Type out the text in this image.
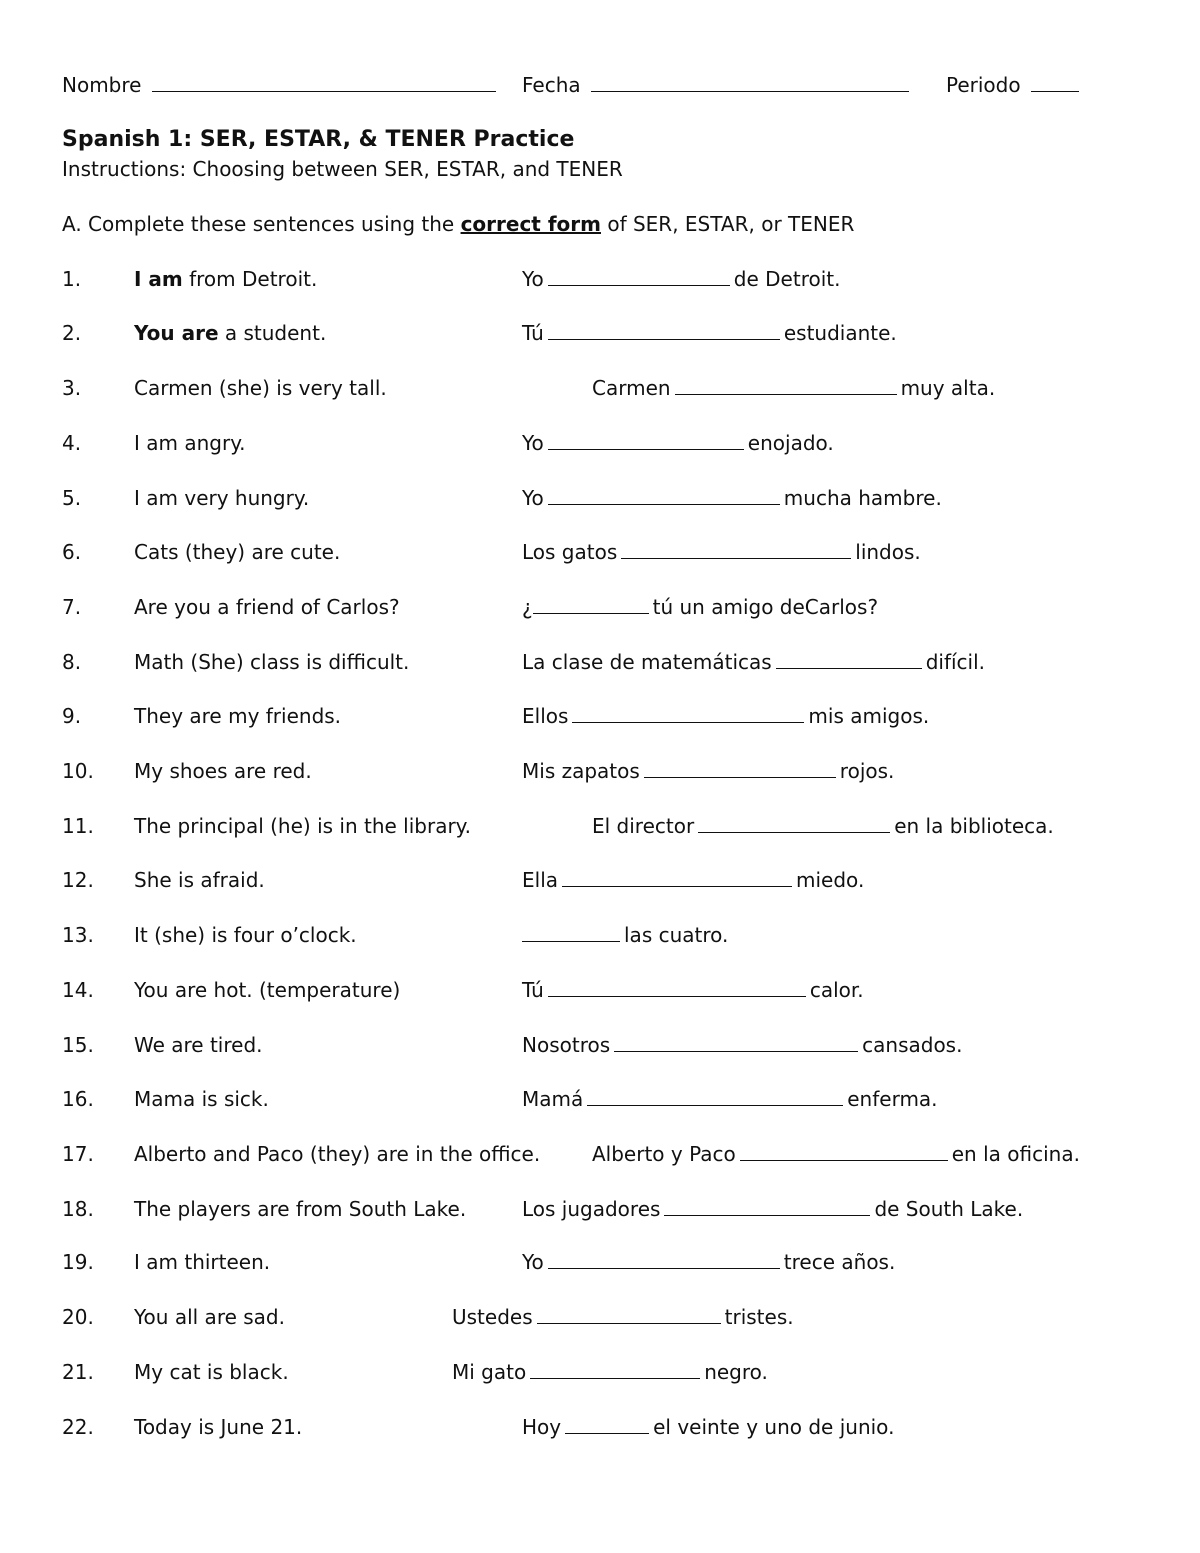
Nombre	Fecha	Periodo
Spanish 1: SER, ESTAR, & TENER Practice
Instructions: Choosing between SER, ESTAR, and TENER
A. Complete these sentences using the correct form of SER, ESTAR, or TENER
1.	I am from Detroit.	Yo	de Detroit.
2.	You are a student.	Tú	estudiante.
3.	Carmen (she) is very tall.	Carmen	muy alta.
4.	I am angry.	Yo	enojado.
5.	I am very hungry.	Yo	mucha hambre.
6.	Cats (they) are cute.	Los gatos	lindos.
7.	Are you a friend of Carlos?	¿	tú un amigo deCarlos?
8.	Math (She) class is difficult.	La clase de matemáticas	difícil.
9.	They are my friends.	Ellos	mis amigos.
10. My shoes are red.	Mis zapatos	rojos.
11. The principal (he) is in the library.	El director	en la biblioteca.
12. She is afraid.	Ella	miedo.
13. It (she) is four o’clock.	las cuatro.
14. You are hot. (temperature)	Tú	calor.
15. We are tired.	Nosotros	cansados.
16. Mama is sick.	Mamá	enferma.
17. Alberto and Paco (they) are in the office.	Alberto y Paco	en la oficina.
18. The players are from South Lake.	Los jugadores	de South Lake.
19. I am thirteen.	Yo	trece años.
20. You all are sad.	Ustedes	tristes.
21. My cat is black.	Mi gato	negro.
22. Today is June 21.	Hoy	el veinte y uno de junio.
